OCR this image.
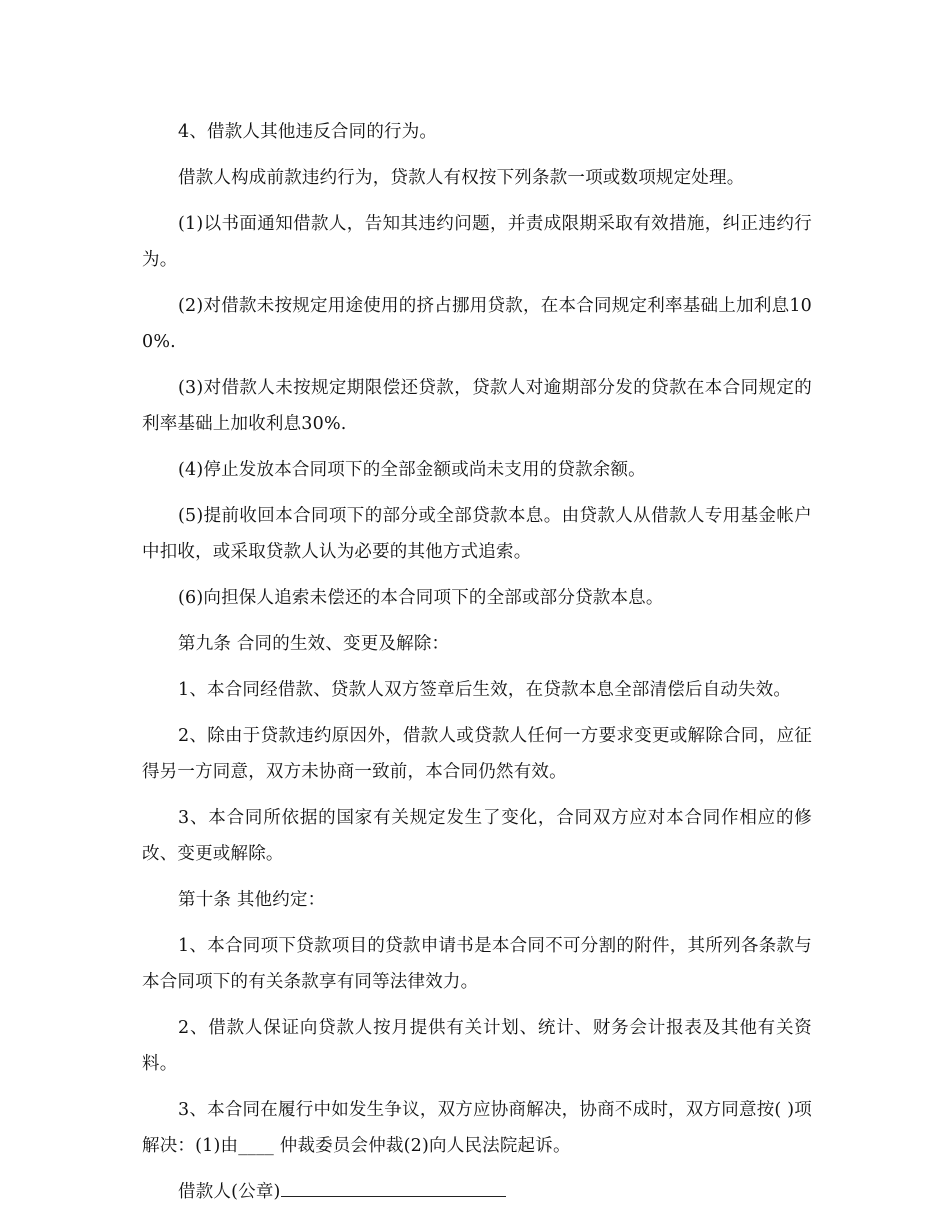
4、借款人其他违反合同的行为。

借款人构成前款违约行为，贷款人有权按下列条款一项或数项规定处理。

(1)以书面通知借款人，告知其违约问题，并责成限期采取有效措施，纠正违约行为。

(2)对借款未按规定用途使用的挤占挪用贷款，在本合同规定利率基础上加利息100%.

(3)对借款人未按规定期限偿还贷款，贷款人对逾期部分发的贷款在本合同规定的利率基础上加收利息30%.

(4)停止发放本合同项下的全部金额或尚未支用的贷款余额。

(5)提前收回本合同项下的部分或全部贷款本息。由贷款人从借款人专用基金帐户中扣收，或采取贷款人认为必要的其他方式追索。

(6)向担保人追索未偿还的本合同项下的全部或部分贷款本息。

第九条 合同的生效、变更及解除：

1、本合同经借款、贷款人双方签章后生效，在贷款本息全部清偿后自动失效。

2、除由于贷款违约原因外，借款人或贷款人任何一方要求变更或解除合同，应征得另一方同意，双方未协商一致前，本合同仍然有效。

3、本合同所依据的国家有关规定发生了变化，合同双方应对本合同作相应的修改、变更或解除。

第十条 其他约定：

1、本合同项下贷款项目的贷款申请书是本合同不可分割的附件，其所列各条款与本合同项下的有关条款享有同等法律效力。

2、借款人保证向贷款人按月提供有关计划、统计、财务会计报表及其他有关资料。

3、本合同在履行中如发生争议，双方应协商解决，协商不成时，双方同意按( )项解决：(1)由____ 仲裁委员会仲裁(2)向人民法院起诉。

借款人(公章)
